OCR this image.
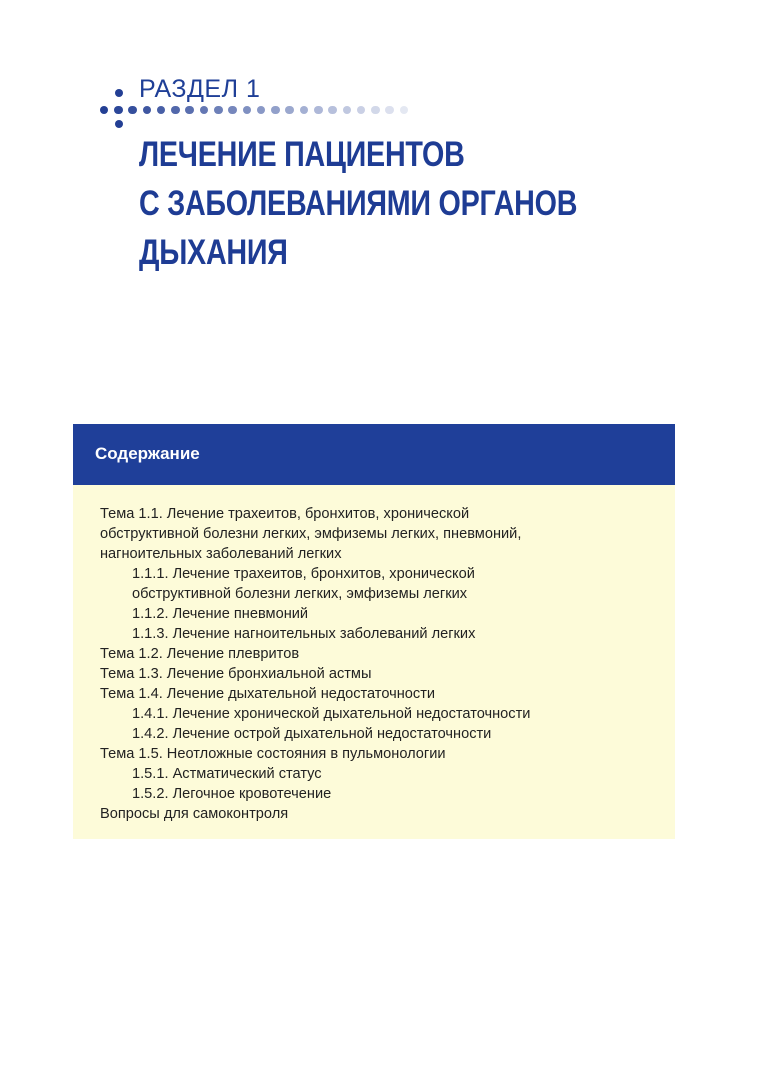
РАЗДЕЛ 1
ЛЕЧЕНИЕ ПАЦИЕНТОВ
С ЗАБОЛЕВАНИЯМИ ОРГАНОВ
ДЫХАНИЯ
Содержание
Тема 1.1. Лечение трахеитов, бронхитов, хронической
обструктивной болезни легких, эмфиземы легких, пневмоний,
нагноительных заболеваний легких
1.1.1. Лечение трахеитов, бронхитов, хронической
обструктивной болезни легких, эмфиземы легких
1.1.2. Лечение пневмоний
1.1.3. Лечение нагноительных заболеваний легких
Тема 1.2. Лечение плевритов
Тема 1.3. Лечение бронхиальной астмы
Тема 1.4. Лечение дыхательной недостаточности
1.4.1. Лечение хронической дыхательной недостаточности
1.4.2. Лечение острой дыхательной недостаточности
Тема 1.5. Неотложные состояния в пульмонологии
1.5.1. Астматический статус
1.5.2. Легочное кровотечение
Вопросы для самоконтроля
